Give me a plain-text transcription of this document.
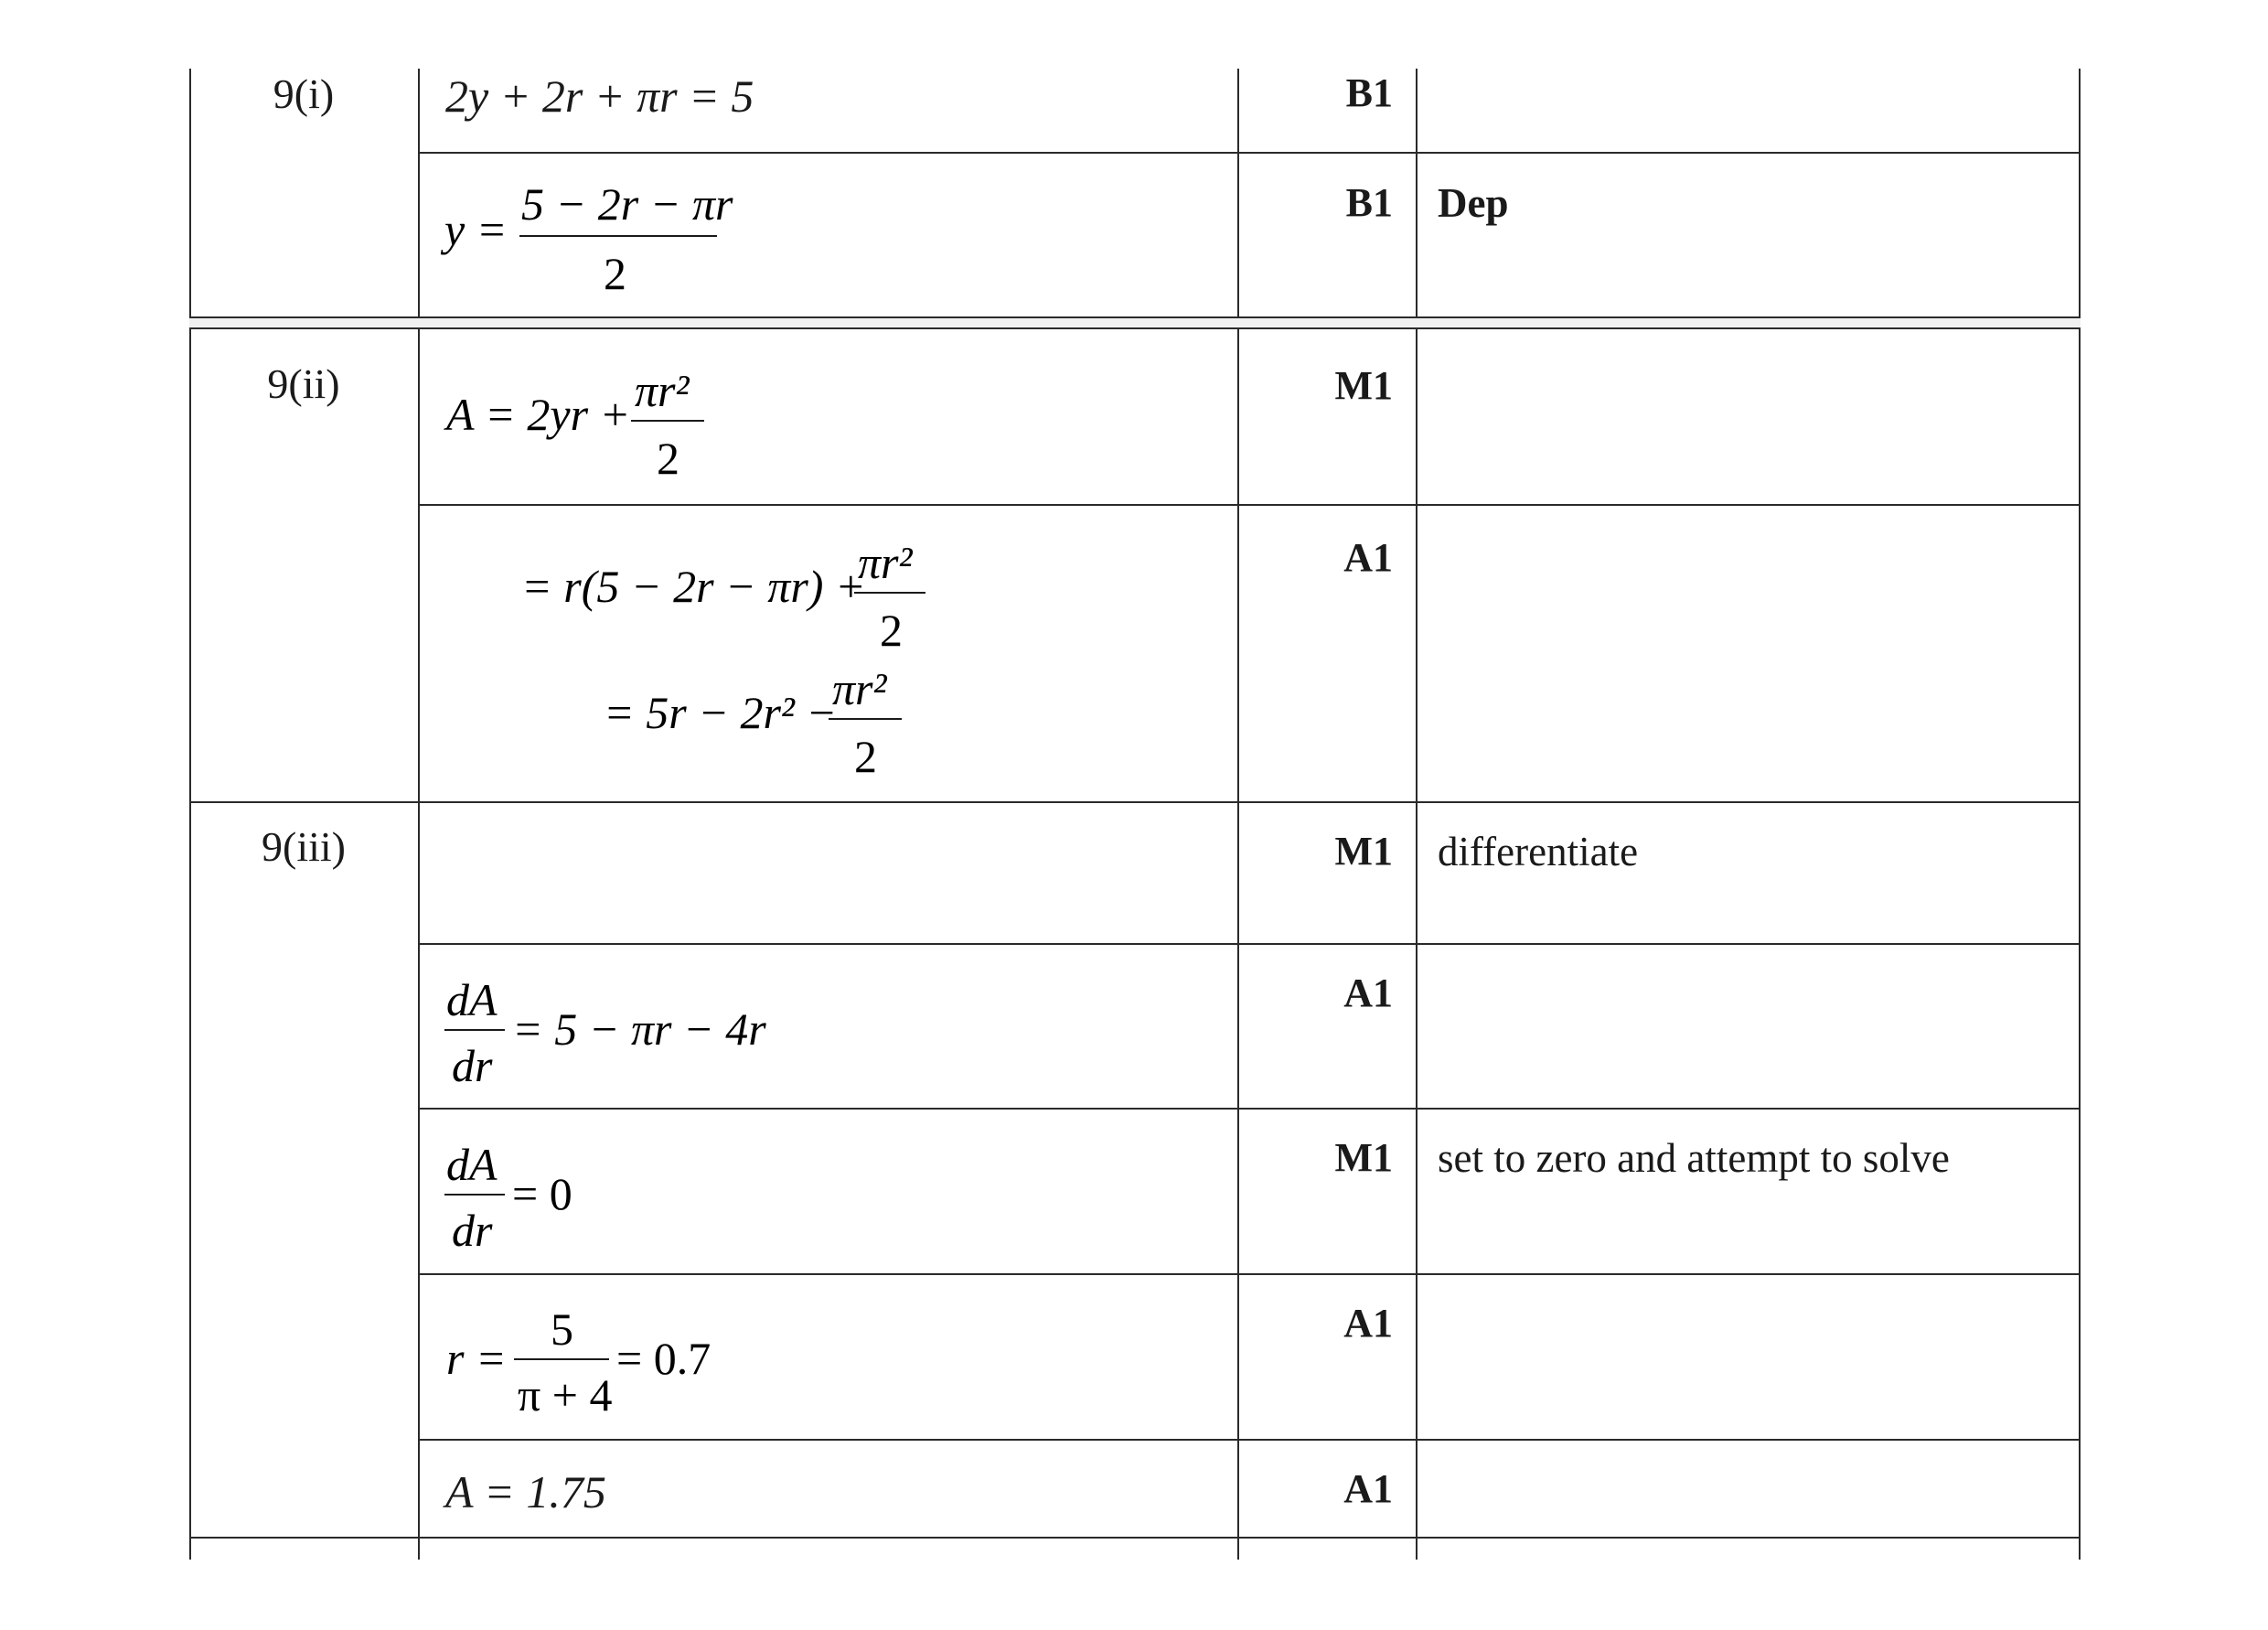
9(i)
9(ii)
9(iii)
B1
B1
M1
A1
M1
A1
M1
A1
A1
Dep
differentiate
set to zero and attempt to solve
2y + 2r + πr = 5
y = 5 − 2r − πr
2
A = 2yr + πr²
2
= r(5 − 2r − πr) +
πr²
2
= 5r − 2r² −
πr²
2
dA
dr
= 5 − πr − 4r
dA
dr
= 0
r =
5
π + 4
= 0.7
A = 1.75
